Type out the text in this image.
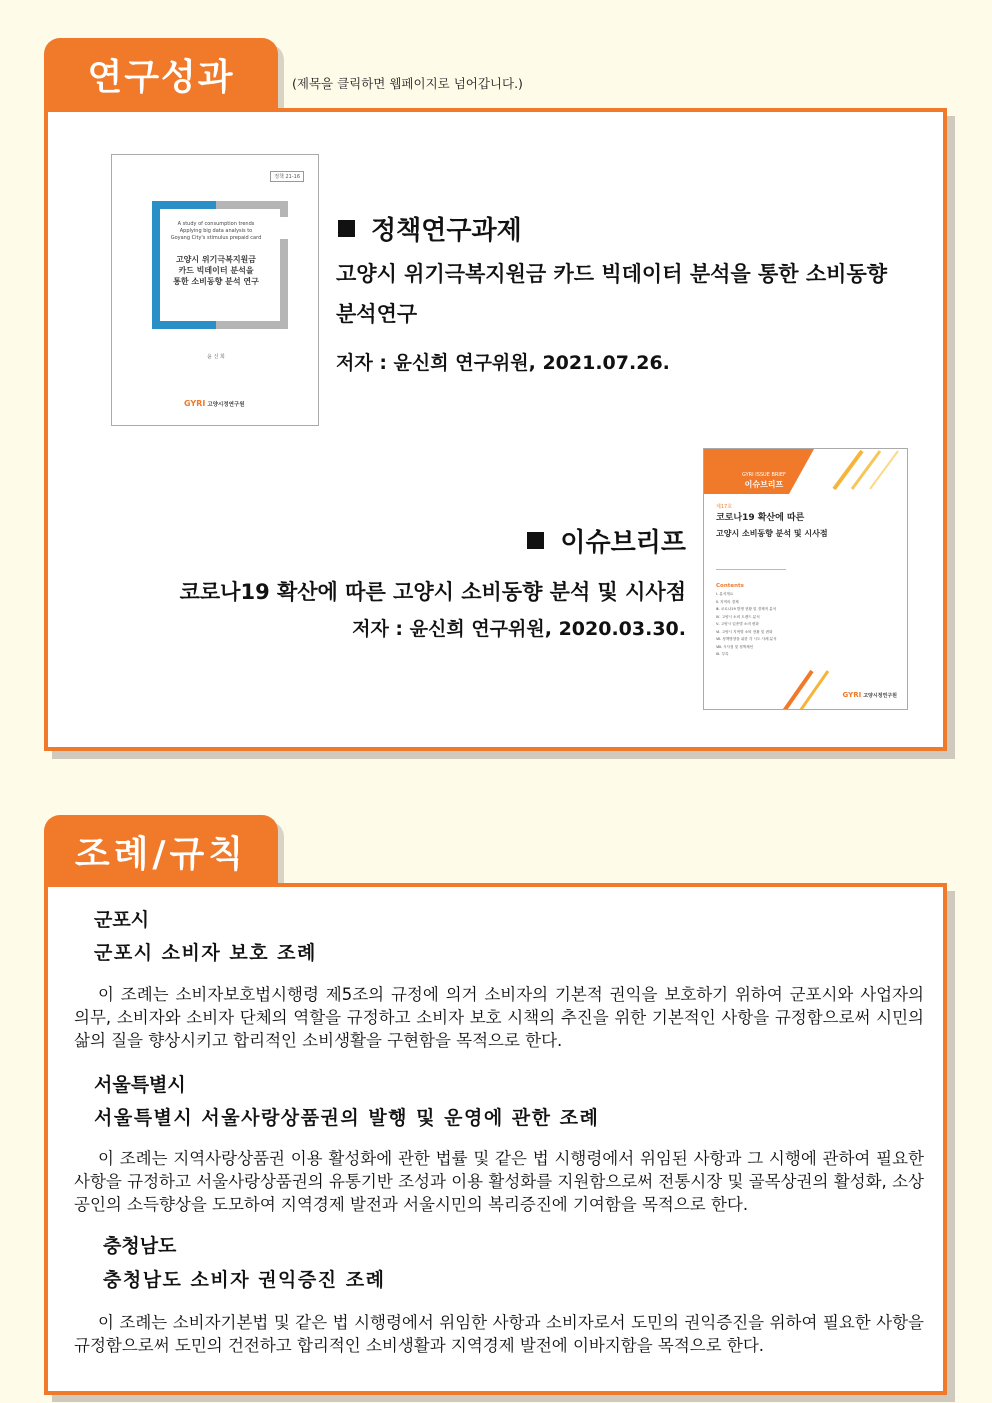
연구성과	(제목을 클릭하면 웹페이지로 넘어갑니다.)
정책 21-16
A study of consumption trends Applying big data analysis to Goyang City's stimulus prepaid card
고양시 위기극복지원금
카드 빅데이터 분석을
통한 소비동향 분석 연구
윤 신 희
GYRI 고양시정연구원
정책연구과제
고양시 위기극복지원금 카드 빅데이터 분석을 통한 소비동향
분석연구
저자 : 윤신희 연구위원, 2021.07.26.
이슈브리프
코로나19 확산에 따른 고양시 소비동향 분석 및 시사점
저자 : 윤신희 연구위원, 2020.03.30.
GYRI ISSUE BRIEF
이슈브리프
제17호
코로나19 확산에 따른
고양시 소비동향 분석 및 시사점
Contents
Ⅰ. 분석개요
Ⅱ. 지역의 경제
Ⅲ. 코로나19 발생 현황 및 경제적 분석
Ⅳ. 고양시 소비 트렌드 분석
Ⅴ. 고양시 업종별 소비 변화
Ⅵ. 고양시 지역별 소비 현황 및 변화
Ⅶ. 정책방향을 위한 각 시도 사례 분석
Ⅷ. 시사점 및 정책제언
Ⅸ. 부록
GYRI 고양시정연구원
조례/규칙
군포시
군포시 소비자 보호 조례
이 조례는 소비자보호법시행령 제5조의 규정에 의거 소비자의 기본적 권익을 보호하기 위하여 군포시와 사업자의 의무, 소비자와 소비자 단체의 역할을 규정하고 소비자 보호 시책의 추진을 위한 기본적인 사항을 규정함으로써 시민의 삶의 질을 향상시키고 합리적인 소비생활을 구현함을 목적으로 한다.
서울특별시
서울특별시 서울사랑상품권의 발행 및 운영에 관한 조례
이 조례는 지역사랑상품권 이용 활성화에 관한 법률 및 같은 법 시행령에서 위임된 사항과 그 시행에 관하여 필요한 사항을 규정하고 서울사랑상품권의 유통기반 조성과 이용 활성화를 지원함으로써 전통시장 및 골목상권의 활성화, 소상공인의 소득향상을 도모하여 지역경제 발전과 서울시민의 복리증진에 기여함을 목적으로 한다.
충청남도
충청남도 소비자 권익증진 조례
이 조례는 소비자기본법 및 같은 법 시행령에서 위임한 사항과 소비자로서 도민의 권익증진을 위하여 필요한 사항을 규정함으로써 도민의 건전하고 합리적인 소비생활과 지역경제 발전에 이바지함을 목적으로 한다.
